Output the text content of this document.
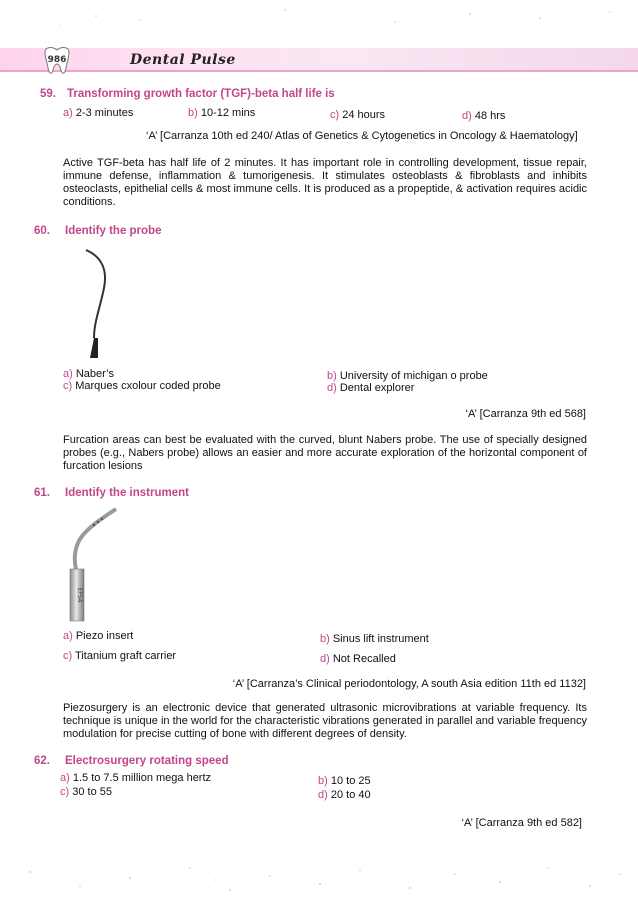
986	Dental Pulse
59. Transforming growth factor (TGF)-beta half life is
a) 2-3 minutes	b) 10-12 mins	c) 24 hours	d) 48 hrs
‘A’ [Carranza 10th ed 240/ Atlas of Genetics & Cytogenetics in Oncology & Haematology]
Active TGF-beta has half life of 2 minutes. It has important role in controlling development, tissue repair, immune defense, inflammation & tumorigenesis. It stimulates osteoblasts & fibroblasts and inhibits osteoclasts, epithelial cells & most immune cells. It is produced as a propeptide, & activation requires acidic conditions.
60. Identify the probe
a) Naber’s
c) Marques cxolour coded probe
b) University of michigan o probe
d) Dental explorer
‘A’ [Carranza 9th ed 568]
Furcation areas can best be evaluated with the curved, blunt Nabers probe. The use of specially designed probes (e.g., Nabers probe) allows an easier and more accurate exploration of the horizontal component of furcation lesions
61. Identify the instrument
EPS4
a) Piezo insert
c) Titanium graft carrier
b) Sinus lift instrument
d) Not Recalled
‘A’ [Carranza’s Clinical periodontology, A south Asia edition 11th ed 1132]
Piezosurgery is an electronic device that generated ultrasonic microvibrations at variable frequency. Its technique is unique in the world for the characteristic vibrations generated in parallel and variable frequency modulation for precise cutting of bone with different degrees of density.
62. Electrosurgery rotating speed
a) 1.5 to 7.5 million mega hertz
c) 30 to 55
b) 10 to 25
d) 20 to 40
‘A’ [Carranza 9th ed 582]
